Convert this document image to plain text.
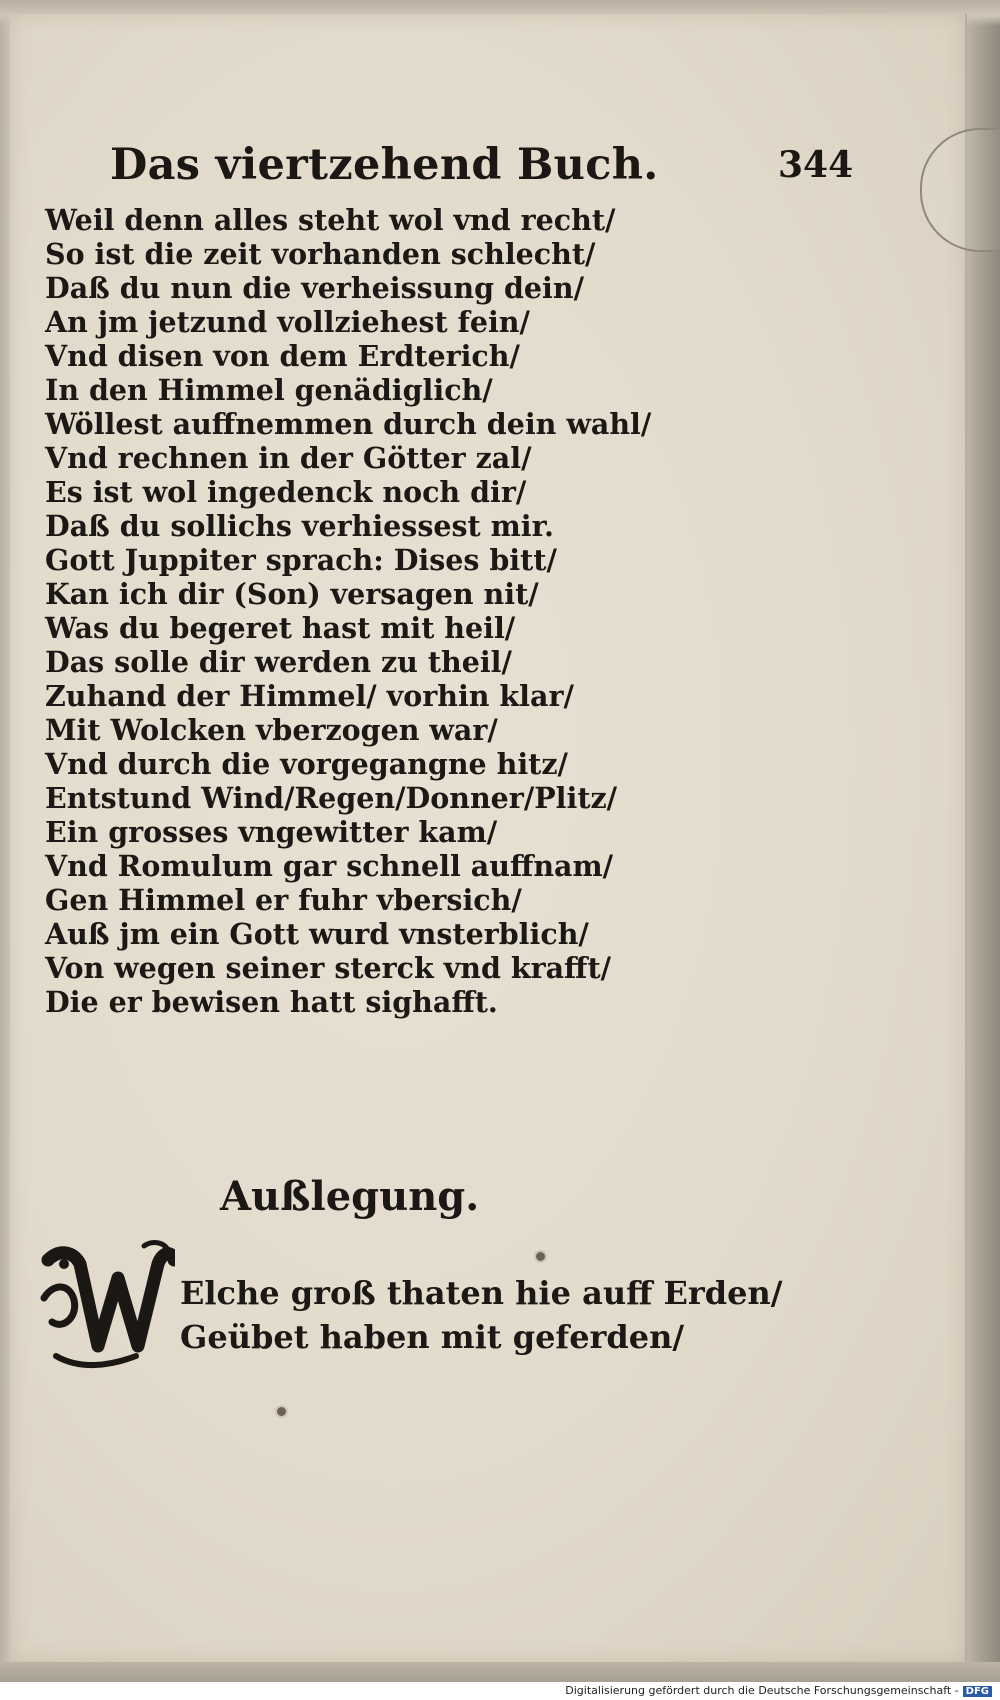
Das viertzehend Buch.	344
Weil denn alles steht wol vnd recht/
So ist die zeit vorhanden schlecht/
Daß du nun die verheissung dein/
An jm jetzund vollziehest fein/
Vnd disen von dem Erdterich/
In den Himmel genädiglich/
Wöllest auffnemmen durch dein wahl/
Vnd rechnen in der Götter zal/
Es ist wol ingedenck noch dir/
Daß du sollichs verhiessest mir.
Gott Juppiter sprach: Dises bitt/
Kan ich dir (Son) versagen nit/
Was du begeret hast mit heil/
Das solle dir werden zu theil/
Zuhand der Himmel/ vorhin klar/
Mit Wolcken vberzogen war/
Vnd durch die vorgegangne hitz/
Entstund Wind/Regen/Donner/Plitz/
Ein grosses vngewitter kam/
Vnd Romulum gar schnell auffnam/
Gen Himmel er fuhr vbersich/
Auß jm ein Gott wurd vnsterblich/
Von wegen seiner sterck vnd krafft/
Die er bewisen hatt sighafft.
Außlegung.
Elche groß thaten hie auff Erden/
Geübet haben mit geferden/
Digitalisierung gefördert durch die Deutsche Forschungsgemeinschaft - DFG
